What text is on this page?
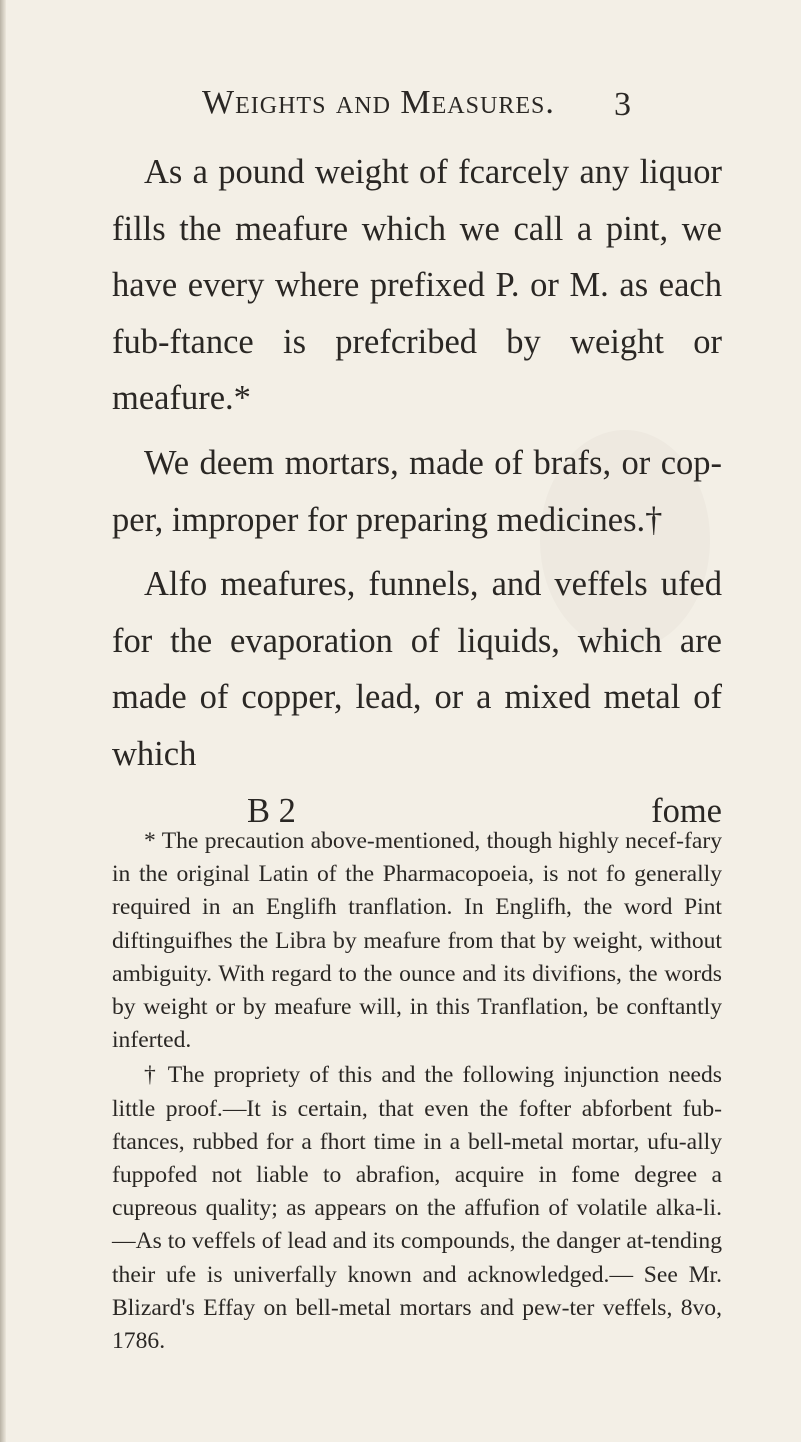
Weights and Measures. 3

As a pound weight of fcarcely any liquor fills the meafure which we call a pint, we have every where prefixed P. or M. as each fub-ftance is prefcribed by weight or meafure.*

We deem mortars, made of brafs, or cop-per, improper for preparing medicines.†

Alfo meafures, funnels, and veffels ufed for the evaporation of liquids, which are made of copper, lead, or a mixed metal of which

B 2	fome

* The precaution above-mentioned, though highly necef-fary in the original Latin of the Pharmacopoeia, is not fo generally required in an Englifh tranflation. In Englifh, the word Pint diftinguifhes the Libra by meafure from that by weight, without ambiguity. With regard to the ounce and its divifions, the words by weight or by meafure will, in this Tranflation, be conftantly inferted.

† The propriety of this and the following injunction needs little proof.—It is certain, that even the fofter abforbent fub-ftances, rubbed for a fhort time in a bell-metal mortar, ufu-ally fuppofed not liable to abrafion, acquire in fome degree a cupreous quality; as appears on the affufion of volatile alka-li.—As to veffels of lead and its compounds, the danger at-tending their ufe is univerfally known and acknowledged.— See Mr. Blizard's Effay on bell-metal mortars and pew-ter veffels, 8vo, 1786.
